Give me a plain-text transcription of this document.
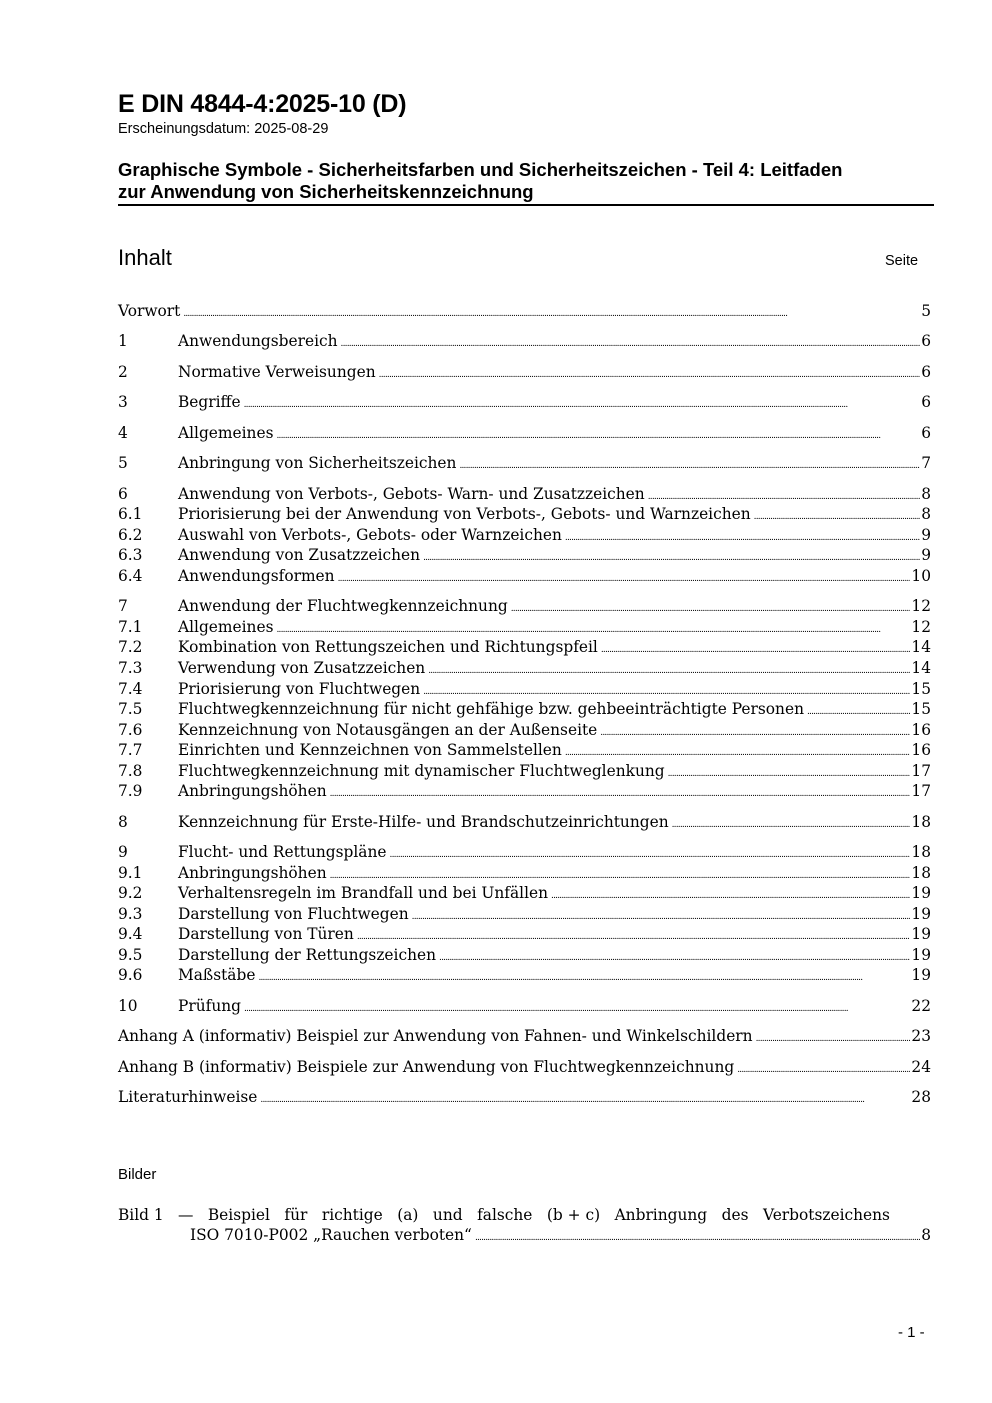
E DIN 4844-4:2025-10 (D)
Erscheinungsdatum: 2025-08-29
Graphische Symbole - Sicherheitsfarben und Sicherheitszeichen - Teil 4: Leitfaden
zur Anwendung von Sicherheitskennzeichnung
Inhalt	Seite
Vorwort .....	5
1	Anwendungsbereich .....	6
2	Normative Verweisungen .....	6
3	Begriffe .....	6
4	Allgemeines .....	6
5	Anbringung von Sicherheitszeichen .....	7
6	Anwendung von Verbots-, Gebots- Warn- und Zusatzzeichen .....	8
6.1	Priorisierung bei der Anwendung von Verbots-, Gebots- und Warnzeichen .....	8
6.2	Auswahl von Verbots-, Gebots- oder Warnzeichen .....	9
6.3	Anwendung von Zusatzzeichen .....	9
6.4	Anwendungsformen .....	10
7	Anwendung der Fluchtwegkennzeichnung .....	12
7.1	Allgemeines .....	12
7.2	Kombination von Rettungszeichen und Richtungspfeil .....	14
7.3	Verwendung von Zusatzzeichen .....	14
7.4	Priorisierung von Fluchtwegen .....	15
7.5	Fluchtwegkennzeichnung für nicht gehfähige bzw. gehbeeinträchtigte Personen .....	15
7.6	Kennzeichnung von Notausgängen an der Außenseite .....	16
7.7	Einrichten und Kennzeichnen von Sammelstellen .....	16
7.8	Fluchtwegkennzeichnung mit dynamischer Fluchtweglenkung .....	17
7.9	Anbringungshöhen .....	17
8	Kennzeichnung für Erste-Hilfe- und Brandschutzeinrichtungen .....	18
9	Flucht- und Rettungspläne .....	18
9.1	Anbringungshöhen .....	18
9.2	Verhaltensregeln im Brandfall und bei Unfällen .....	19
9.3	Darstellung von Fluchtwegen .....	19
9.4	Darstellung von Türen .....	19
9.5	Darstellung der Rettungszeichen .....	19
9.6	Maßstäbe .....	19
10	Prüfung .....	22
Anhang A (informativ) Beispiel zur Anwendung von Fahnen- und Winkelschildern .....	23
Anhang B (informativ) Beispiele zur Anwendung von Fluchtwegkennzeichnung .....	24
Literaturhinweise .....	28
Bilder
Bild 1 — Beispiel für richtige (a) und falsche (b + c) Anbringung des Verbotszeichens
ISO 7010-P002 „Rauchen verboten“ .....	8
- 1 -
